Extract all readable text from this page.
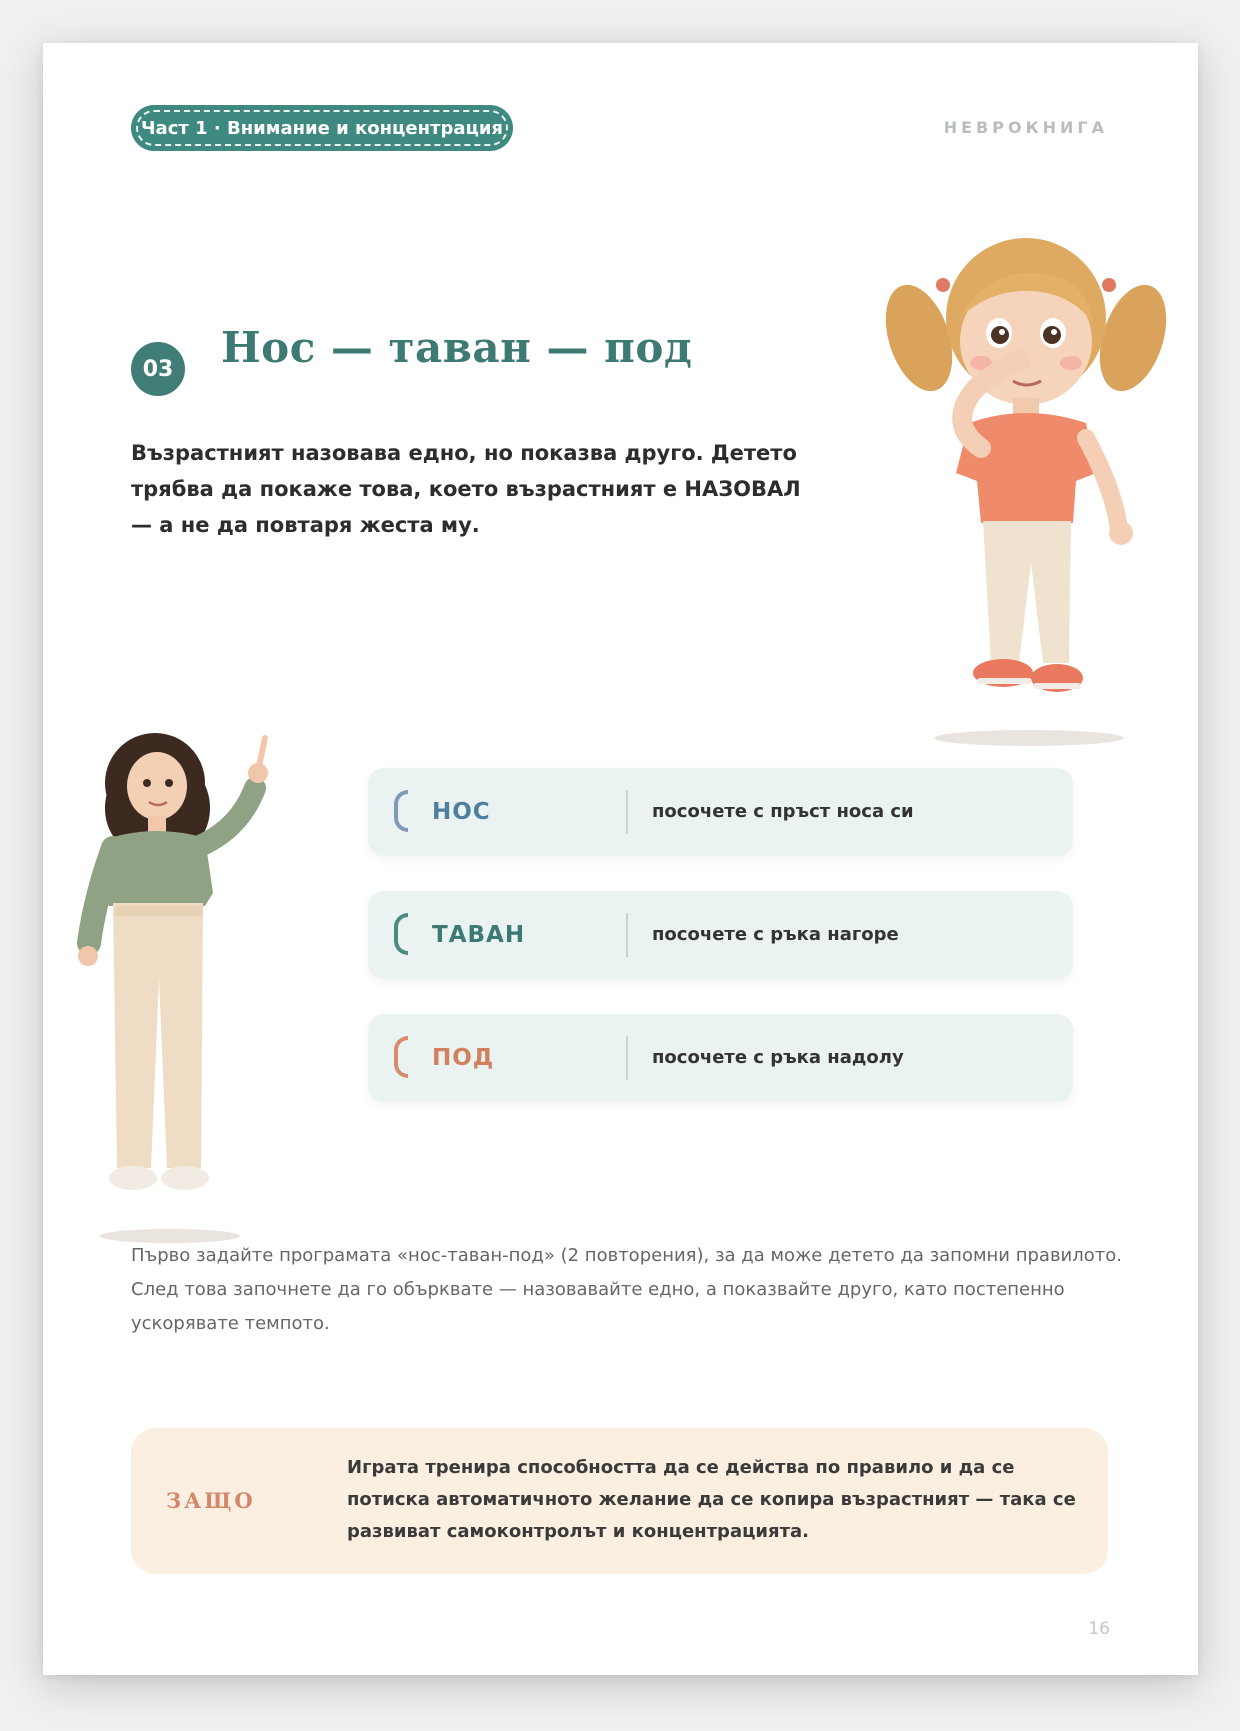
Част 1 · Внимание и концентрация	НЕВРОКНИГА
03 Нос — таван — под

Възрастният назовава едно, но показва друго. Детето трябва да покаже това, което възрастният е НАЗОВАЛ — а не да повтаря жеста му.

НОС	посочете с пръст носа си
ТАВАН	посочете с ръка нагоре
ПОД	посочете с ръка надолу

Първо задайте програмата «нос-таван-под» (2 повторения), за да може детето да запомни правилото. След това започнете да го обърквате — назовавайте едно, а показвайте друго, като постепенно ускорявате темпото.

ЗАЩО

Играта тренира способността да се действа по правило и да се потиска автоматичното желание да се копира възрастният — така се развиват самоконтролът и концентрацията.

16
